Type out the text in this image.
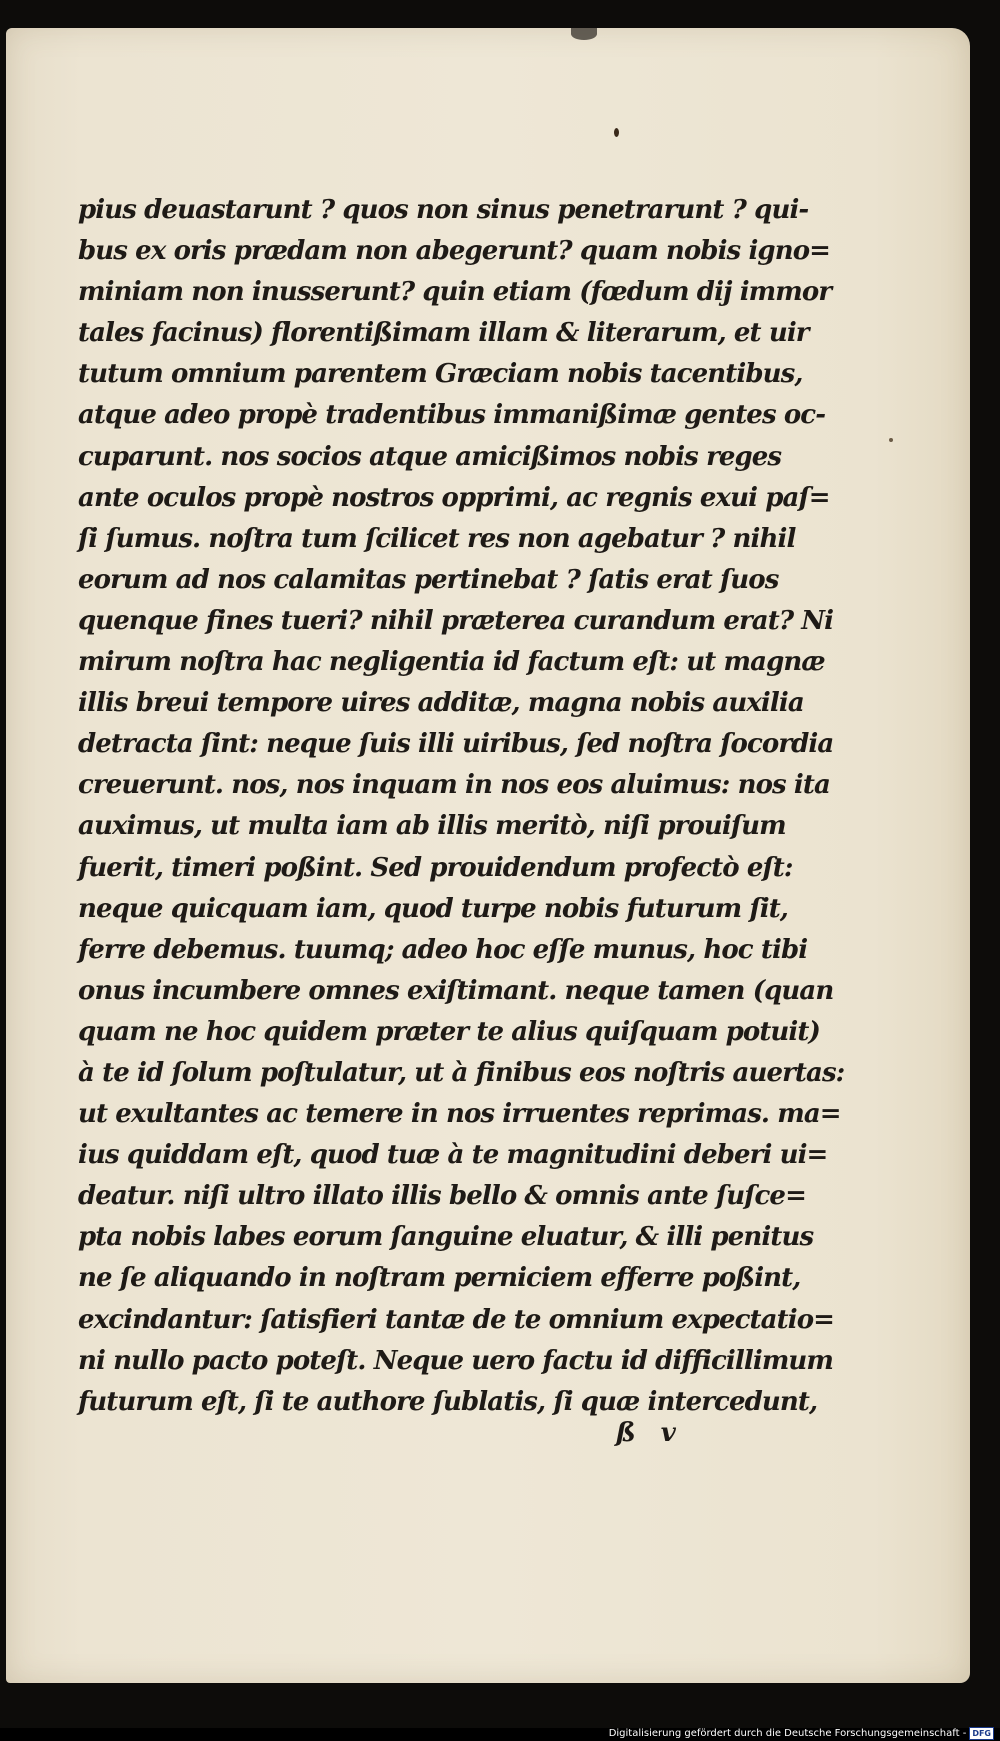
pius deuastarunt ? quos non sinus penetrarunt ? qui-
bus ex oris prædam non abegerunt? quam nobis igno=
miniam non inusserunt? quin etiam (fœdum dij immor
tales facinus) florentißimam illam & literarum, et uir
tutum omnium parentem Græciam nobis tacentibus,
atque adeo propè tradentibus immanißimæ gentes oc-
cuparunt. nos socios atque amicißimos nobis reges
ante oculos propè nostros opprimi, ac regnis exui paſ=
ſi ſumus. noſtra tum ſcilicet res non agebatur ? nihil
eorum ad nos calamitas pertinebat ? ſatis erat ſuos
quenque fines tueri? nihil præterea curandum erat? Ni
mirum noſtra hac negligentia id factum eſt: ut magnæ
illis breui tempore uires additæ, magna nobis auxilia
detracta ſint: neque ſuis illi uiribus, ſed noſtra ſocordia
creuerunt. nos, nos inquam in nos eos aluimus: nos ita
auximus, ut multa iam ab illis meritò, niſi prouiſum
fuerit, timeri poßint. Sed prouidendum profectò eſt:
neque quicquam iam, quod turpe nobis futurum ſit,
ferre debemus. tuumq; adeo hoc eſſe munus, hoc tibi
onus incumbere omnes exiſtimant. neque tamen (quan
quam ne hoc quidem præter te alius quiſquam potuit)
à te id ſolum poſtulatur, ut à finibus eos noſtris auertas:
ut exultantes ac temere in nos irruentes reprimas. ma=
ius quiddam eſt, quod tuæ à te magnitudini deberi ui=
deatur. niſi ultro illato illis bello & omnis ante ſuſce=
pta nobis labes eorum ſanguine eluatur, & illi penitus
ne ſe aliquando in noſtram perniciem efferre poßint,
excindantur: ſatisfieri tantæ de te omnium expectatio=
ni nullo pacto poteſt. Neque uero factu id difficillimum
futurum eſt, ſi te authore ſublatis, ſi quæ intercedunt,
ß v
Digitalisierung gefördert durch die Deutsche Forschungsgemeinschaft - DFG
